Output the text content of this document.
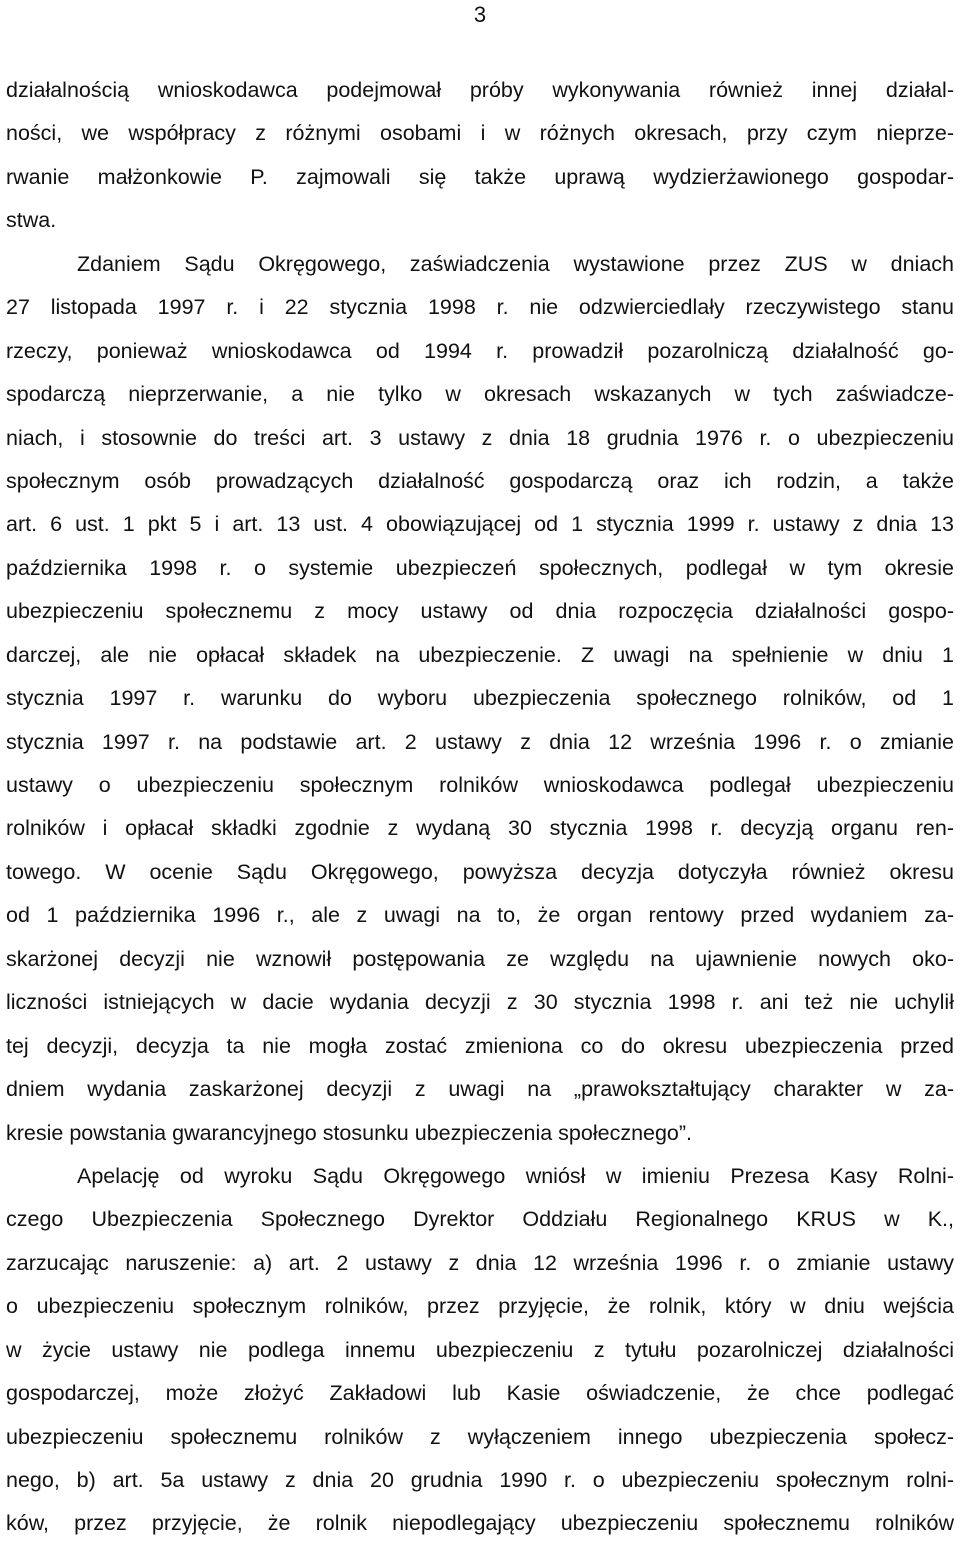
3
działalnością wnioskodawca podejmował próby wykonywania również innej działal-
ności, we współpracy z różnymi osobami i w różnych okresach, przy czym nieprze-
rwanie małżonkowie P. zajmowali się także uprawą wydzierżawionego gospodar-
stwa.
Zdaniem Sądu Okręgowego, zaświadczenia wystawione przez ZUS w dniach
27 listopada 1997 r. i 22 stycznia 1998 r. nie odzwierciedlały rzeczywistego stanu
rzeczy, ponieważ wnioskodawca od 1994 r. prowadził pozarolniczą działalność go-
spodarczą nieprzerwanie, a nie tylko w okresach wskazanych w tych zaświadcze-
niach, i stosownie do treści art. 3 ustawy z dnia 18 grudnia 1976 r. o ubezpieczeniu
społecznym osób prowadzących działalność gospodarczą oraz ich rodzin, a także
art. 6 ust. 1 pkt 5 i art. 13 ust. 4 obowiązującej od 1 stycznia 1999 r. ustawy z dnia 13
października 1998 r. o systemie ubezpieczeń społecznych, podlegał w tym okresie
ubezpieczeniu społecznemu z mocy ustawy od dnia rozpoczęcia działalności gospo-
darczej, ale nie opłacał składek na ubezpieczenie. Z uwagi na spełnienie w dniu 1
stycznia 1997 r. warunku do wyboru ubezpieczenia społecznego rolników, od 1
stycznia 1997 r. na podstawie art. 2 ustawy z dnia 12 września 1996 r. o zmianie
ustawy o ubezpieczeniu społecznym rolników wnioskodawca podlegał ubezpieczeniu
rolników i opłacał składki zgodnie z wydaną 30 stycznia 1998 r. decyzją organu ren-
towego. W ocenie Sądu Okręgowego, powyższa decyzja dotyczyła również okresu
od 1 października 1996 r., ale z uwagi na to, że organ rentowy przed wydaniem za-
skarżonej decyzji nie wznowił postępowania ze względu na ujawnienie nowych oko-
liczności istniejących w dacie wydania decyzji z 30 stycznia 1998 r. ani też nie uchylił
tej decyzji, decyzja ta nie mogła zostać zmieniona co do okresu ubezpieczenia przed
dniem wydania zaskarżonej decyzji z uwagi na „prawokształtujący charakter w za-
kresie powstania gwarancyjnego stosunku ubezpieczenia społecznego”.
Apelację od wyroku Sądu Okręgowego wniósł w imieniu Prezesa Kasy Rolni-
czego Ubezpieczenia Społecznego Dyrektor Oddziału Regionalnego KRUS w K.,
zarzucając naruszenie: a) art. 2 ustawy z dnia 12 września 1996 r. o zmianie ustawy
o ubezpieczeniu społecznym rolników, przez przyjęcie, że rolnik, który w dniu wejścia
w życie ustawy nie podlega innemu ubezpieczeniu z tytułu pozarolniczej działalności
gospodarczej, może złożyć Zakładowi lub Kasie oświadczenie, że chce podlegać
ubezpieczeniu społecznemu rolników z wyłączeniem innego ubezpieczenia społecz-
nego, b) art. 5a ustawy z dnia 20 grudnia 1990 r. o ubezpieczeniu społecznym rolni-
ków, przez przyjęcie, że rolnik niepodlegający ubezpieczeniu społecznemu rolników
